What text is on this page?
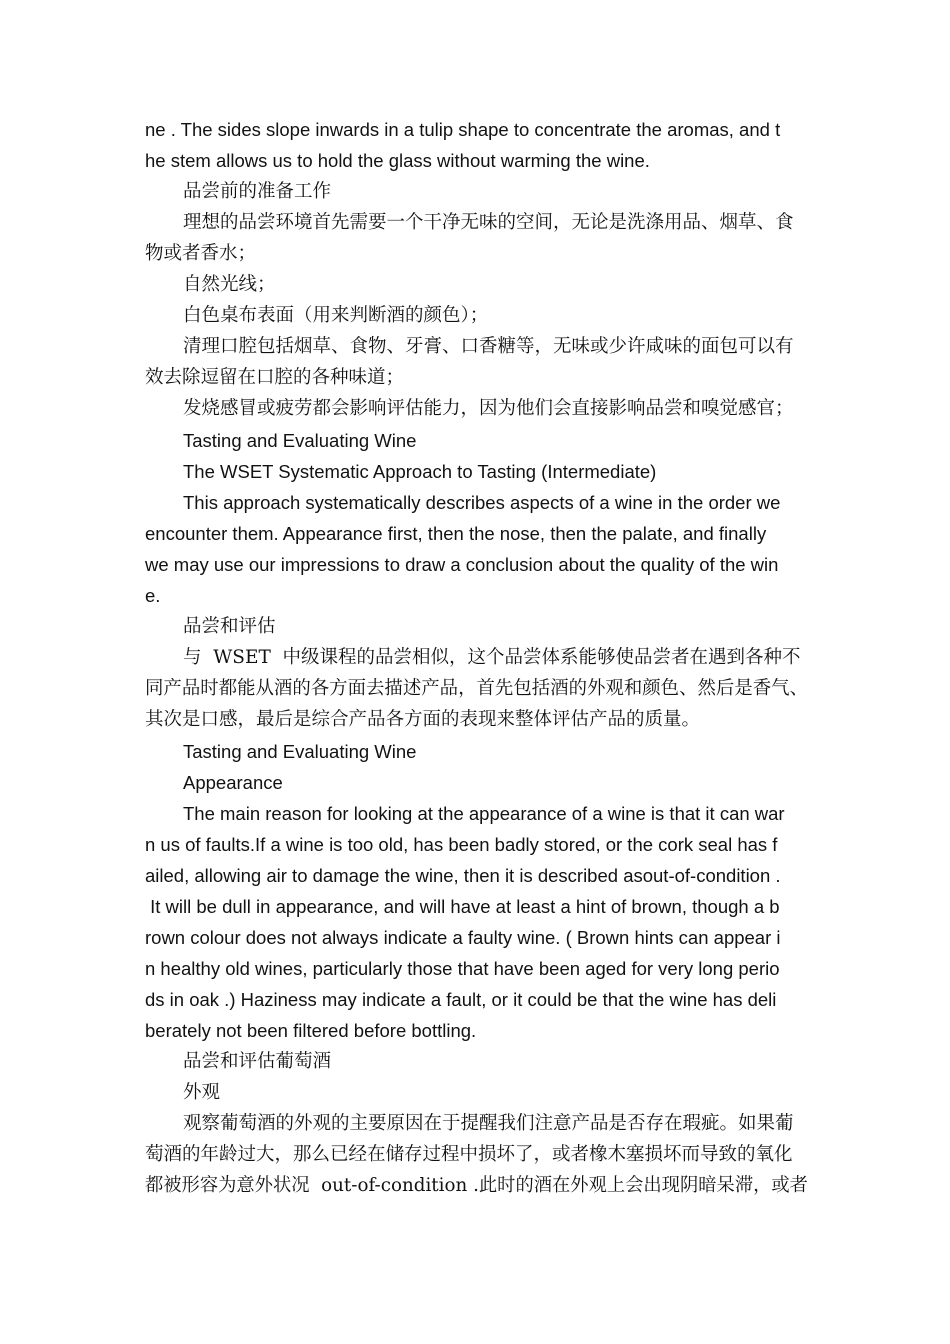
ne . The sides slope inwards in a tulip shape to concentrate the aromas, and t

he stem allows us to hold the glass without warming the wine.

品尝前的准备工作

理想的品尝环境首先需要一个干净无味的空间，无论是洗涤用品、烟草、食

物或者香水；

自然光线；

白色桌布表面（用来判断酒的颜色）；

清理口腔包括烟草、食物、牙膏、口香糖等，无味或少许咸味的面包可以有

效去除逗留在口腔的各种味道；

发烧感冒或疲劳都会影响评估能力，因为他们会直接影响品尝和嗅觉感官；

Tasting and Evaluating Wine

The WSET Systematic Approach to Tasting (Intermediate)

This approach systematically describes aspects of a wine in the order we

encounter them. Appearance first, then the nose, then the palate, and finally

we may use our impressions to draw a conclusion about the quality of the win

e.

品尝和评估

与  WSET  中级课程的品尝相似，这个品尝体系能够使品尝者在遇到各种不

同产品时都能从酒的各方面去描述产品，首先包括酒的外观和颜色、然后是香气、

其次是口感，最后是综合产品各方面的表现来整体评估产品的质量。

Tasting and Evaluating Wine

Appearance

The main reason for looking at the appearance of a wine is that it can war

n us of faults.If a wine is too old, has been badly stored, or the cork seal has f

ailed, allowing air to damage the wine, then it is described asout-of-condition .

It will be dull in appearance, and will have at least a hint of brown, though a b

rown colour does not always indicate a faulty wine. ( Brown hints can appear i

n healthy old wines, particularly those that have been aged for very long perio

ds in oak .) Haziness may indicate a fault, or it could be that the wine has deli

berately not been filtered before bottling.

品尝和评估葡萄酒

外观

观察葡萄酒的外观的主要原因在于提醒我们注意产品是否存在瑕疵。如果葡

萄酒的年龄过大，那么已经在储存过程中损坏了，或者橡木塞损坏而导致的氧化

都被形容为意外状况  out-of-condition .此时的酒在外观上会出现阴暗呆滞，或者
